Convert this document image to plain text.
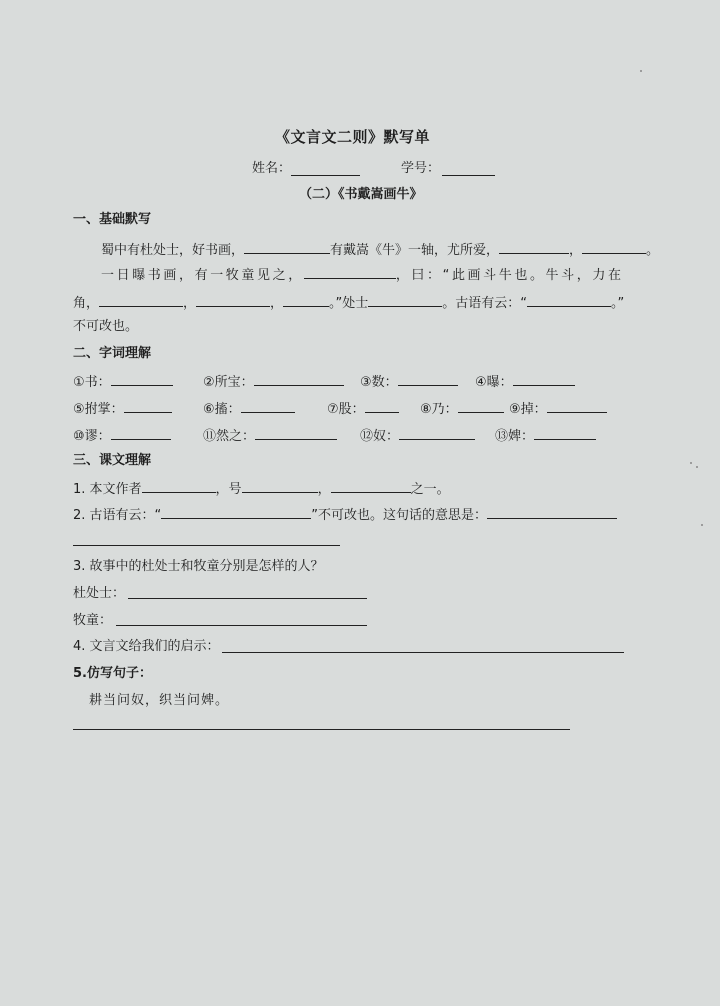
《文言文二则》默写单
姓名：	学号：
（二）《书戴嵩画牛》
一、基础默写
蜀中有杜处士，好书画，	有戴嵩《牛》一轴，尤所爱，	，	。
一日曝书画，有一牧童见之，	，曰：“此画斗牛也。牛斗，力在
角，	，	，	。”处士	。古语有云：“	。”
不可改也。
二、字词理解
①书：	②所宝：	③数：	④曝：
⑤拊掌：	⑥搐：	⑦股：	⑧乃：	⑨掉：
⑩谬：	⑪然之：	⑫奴：	⑬婢：
三、课文理解
1. 本文作者	，号	，	之一。
2. 古语有云：“	”不可改也。这句话的意思是：
3. 故事中的杜处士和牧童分别是怎样的人？
杜处士：
牧童：
4. 文言文给我们的启示：
5.仿写句子：
耕当问奴，织当问婢。
